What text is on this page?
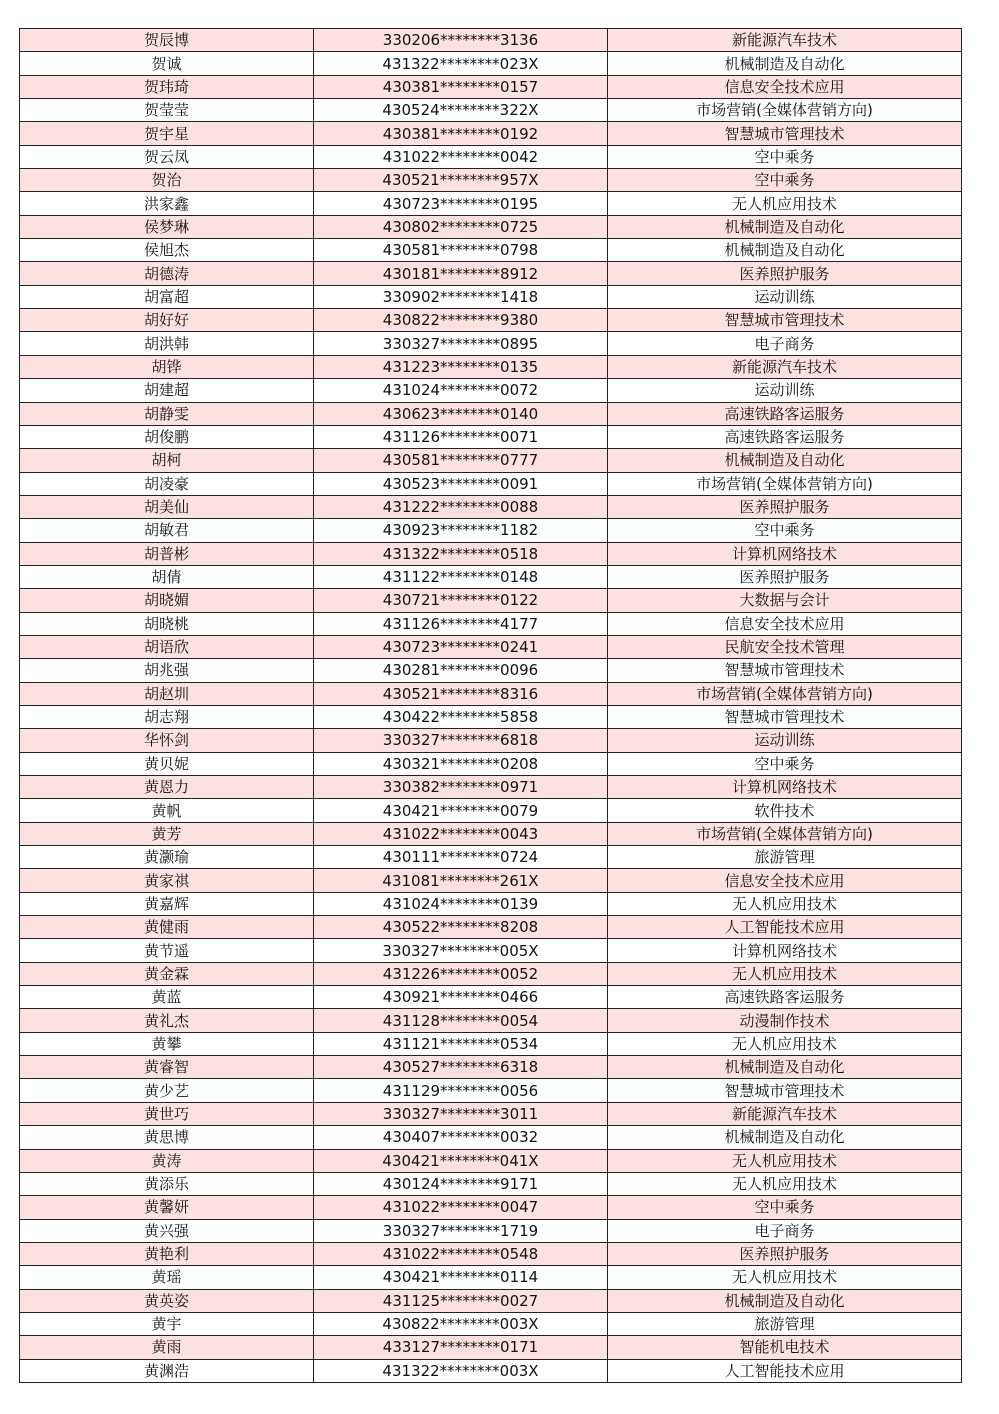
贺辰博	330206********3136	新能源汽车技术
贺诚	431322********023X	机械制造及自动化
贺玮琦	430381********0157	信息安全技术应用
贺莹莹	430524********322X	市场营销(全媒体营销方向)
贺宇星	430381********0192	智慧城市管理技术
贺云凤	431022********0042	空中乘务
贺治	430521********957X	空中乘务
洪家鑫	430723********0195	无人机应用技术
侯梦琳	430802********0725	机械制造及自动化
侯旭杰	430581********0798	机械制造及自动化
胡德涛	430181********8912	医养照护服务
胡富超	330902********1418	运动训练
胡好好	430822********9380	智慧城市管理技术
胡洪韩	330327********0895	电子商务
胡铧	431223********0135	新能源汽车技术
胡建超	431024********0072	运动训练
胡静雯	430623********0140	高速铁路客运服务
胡俊鹏	431126********0071	高速铁路客运服务
胡柯	430581********0777	机械制造及自动化
胡凌豪	430523********0091	市场营销(全媒体营销方向)
胡美仙	431222********0088	医养照护服务
胡敏君	430923********1182	空中乘务
胡普彬	431322********0518	计算机网络技术
胡倩	431122********0148	医养照护服务
胡晓媚	430721********0122	大数据与会计
胡晓桃	431126********4177	信息安全技术应用
胡语欣	430723********0241	民航安全技术管理
胡兆强	430281********0096	智慧城市管理技术
胡赵圳	430521********8316	市场营销(全媒体营销方向)
胡志翔	430422********5858	智慧城市管理技术
华怀剑	330327********6818	运动训练
黄贝妮	430321********0208	空中乘务
黄恩力	330382********0971	计算机网络技术
黄帆	430421********0079	软件技术
黄芳	431022********0043	市场营销(全媒体营销方向)
黄灏瑜	430111********0724	旅游管理
黄家祺	431081********261X	信息安全技术应用
黄嘉辉	431024********0139	无人机应用技术
黄健雨	430522********8208	人工智能技术应用
黄节遥	330327********005X	计算机网络技术
黄金霖	431226********0052	无人机应用技术
黄蓝	430921********0466	高速铁路客运服务
黄礼杰	431128********0054	动漫制作技术
黄攀	431121********0534	无人机应用技术
黄睿智	430527********6318	机械制造及自动化
黄少艺	431129********0056	智慧城市管理技术
黄世巧	330327********3011	新能源汽车技术
黄思博	430407********0032	机械制造及自动化
黄涛	430421********041X	无人机应用技术
黄添乐	430124********9171	无人机应用技术
黄馨妍	431022********0047	空中乘务
黄兴强	330327********1719	电子商务
黄艳利	431022********0548	医养照护服务
黄瑶	430421********0114	无人机应用技术
黄英姿	431125********0027	机械制造及自动化
黄宇	430822********003X	旅游管理
黄雨	433127********0171	智能机电技术
黄渊浩	431322********003X	人工智能技术应用
